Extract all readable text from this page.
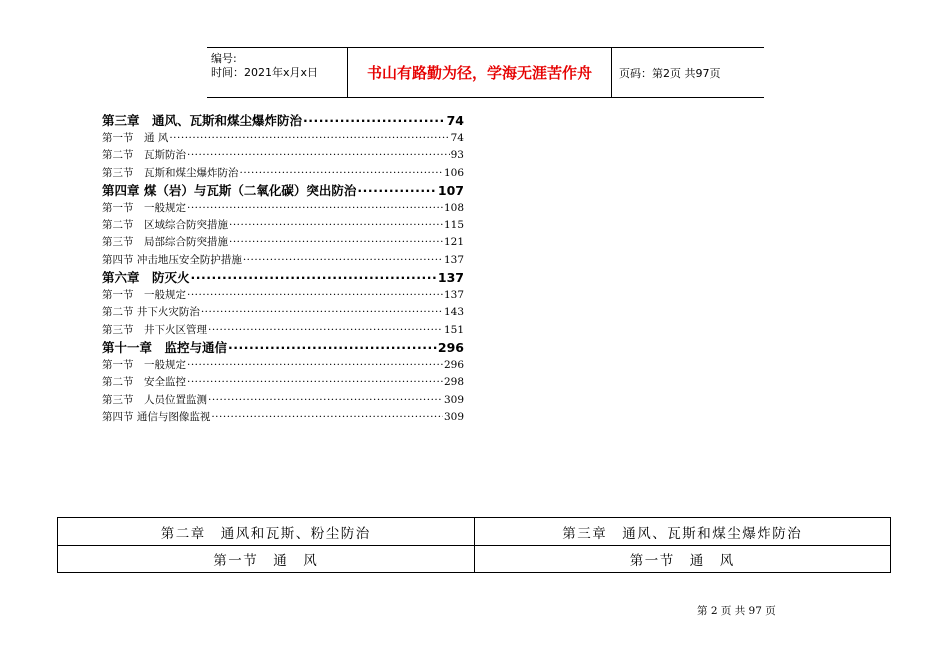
编号:
时间：2021年x月x日	书山有路勤为径，学海无涯苦作舟	页码：第2页 共97页
第三章　通风、瓦斯和煤尘爆炸防治 ·····	74
第一节　通 风 ·····	74
第二节　瓦斯防治 ·····	93
第三节　瓦斯和煤尘爆炸防治 ·····	106
第四章 煤（岩）与瓦斯（二氧化碳）突出防治 ·····	107
第一节　一般规定 ·····	108
第二节　区域综合防突措施 ·····	115
第三节　局部综合防突措施 ·····	121
第四节 冲击地压安全防护措施 ·····	137
第六章　防灭火 ·····	137
第一节　一般规定 ·····	137
第二节 井下火灾防治 ·····	143
第三节　井下火区管理 ·····	151
第十一章　监控与通信 ·····	296
第一节　一般规定 ·····	296
第二节　安全监控 ·····	298
第三节　人员位置监测 ·····	309
第四节 通信与图像监视 ·····	309
第二章　通风和瓦斯、粉尘防治	第三章　通风、瓦斯和煤尘爆炸防治
第一节　通　风	第一节　通　风
第 2 页 共 97 页
